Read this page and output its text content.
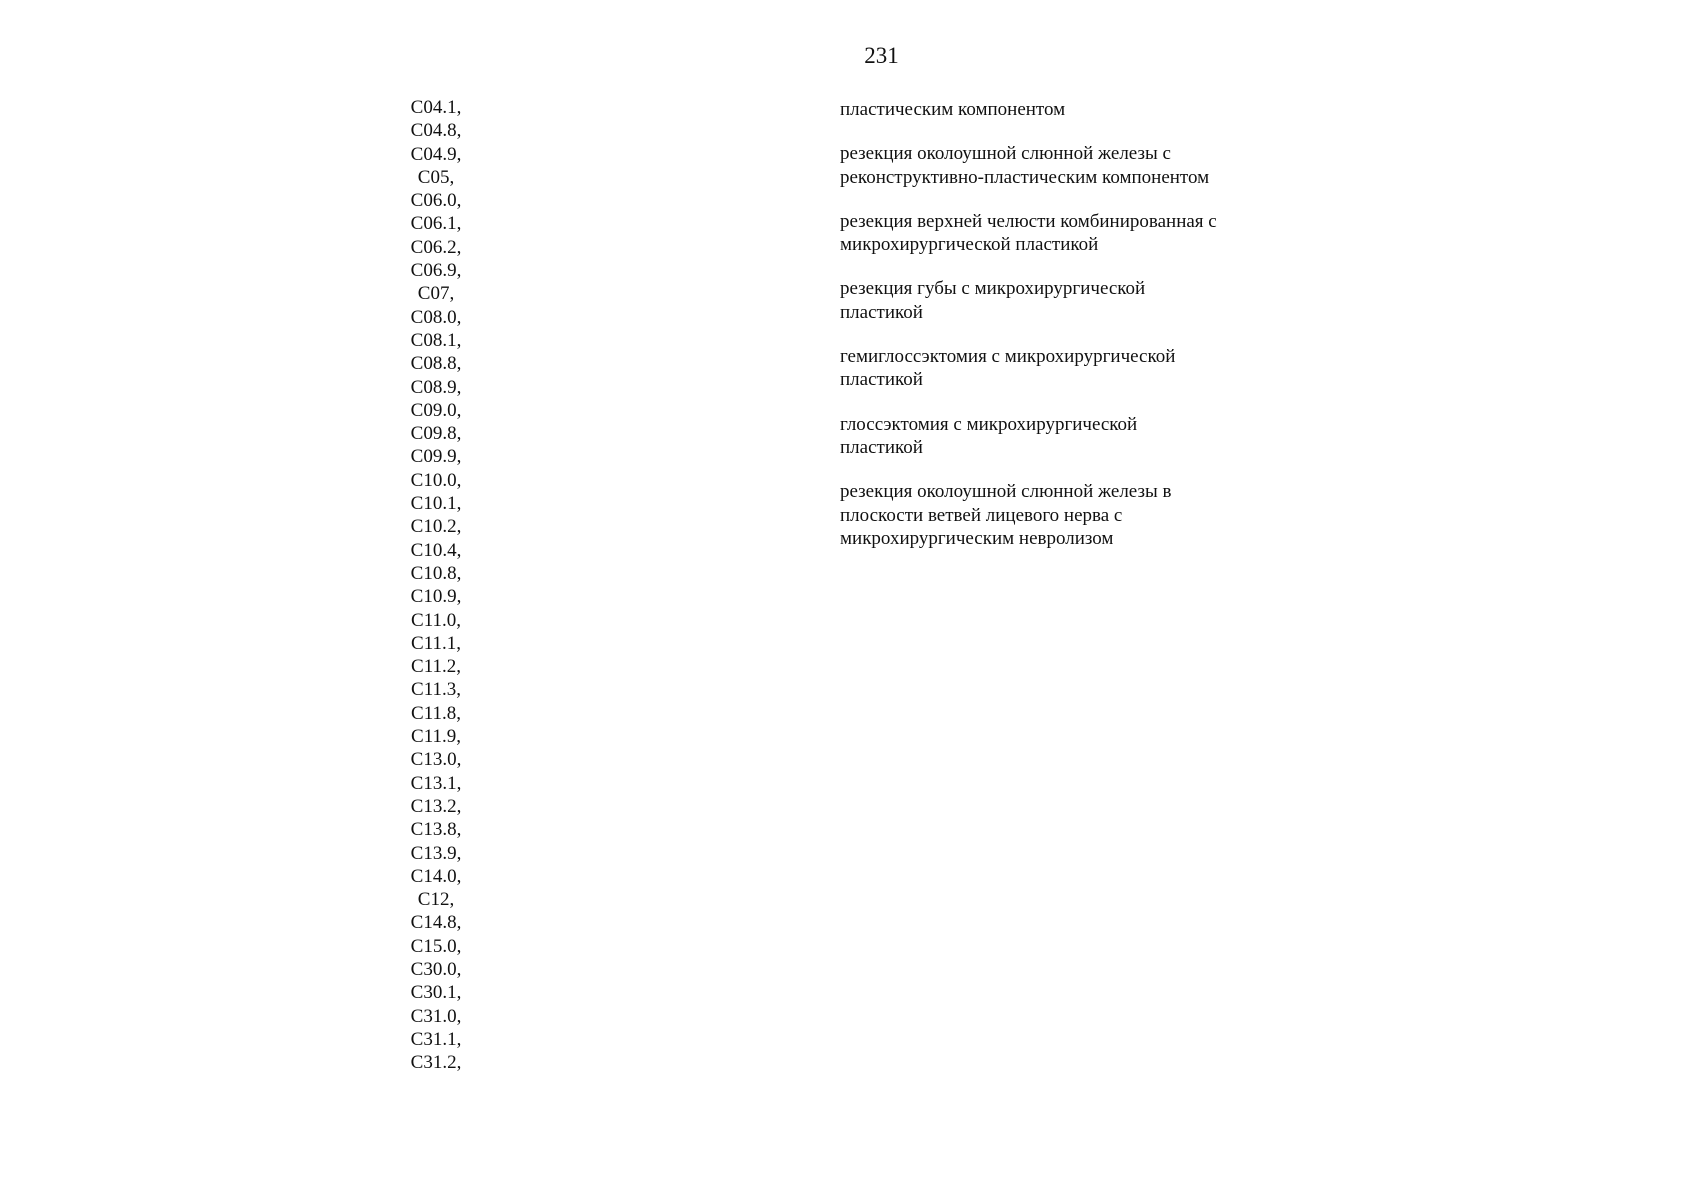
231
C04.1,
C04.8,
C04.9,
C05,
C06.0,
C06.1,
C06.2,
C06.9,
C07,
C08.0,
C08.1,
C08.8,
C08.9,
C09.0,
C09.8,
C09.9,
C10.0,
C10.1,
C10.2,
C10.4,
C10.8,
C10.9,
C11.0,
C11.1,
C11.2,
C11.3,
C11.8,
C11.9,
C13.0,
C13.1,
C13.2,
C13.8,
C13.9,
C14.0,
C12,
C14.8,
C15.0,
C30.0,
C30.1,
C31.0,
C31.1,
C31.2,
пластическим компонентом
резекция околоушной слюнной железы с
реконструктивно-пластическим компонентом
резекция верхней челюсти комбинированная с
микрохирургической пластикой
резекция губы с микрохирургической
пластикой
гемиглоссэктомия с микрохирургической
пластикой
глоссэктомия с микрохирургической
пластикой
резекция околоушной слюнной железы в
плоскости ветвей лицевого нерва с
микрохирургическим невролизом
